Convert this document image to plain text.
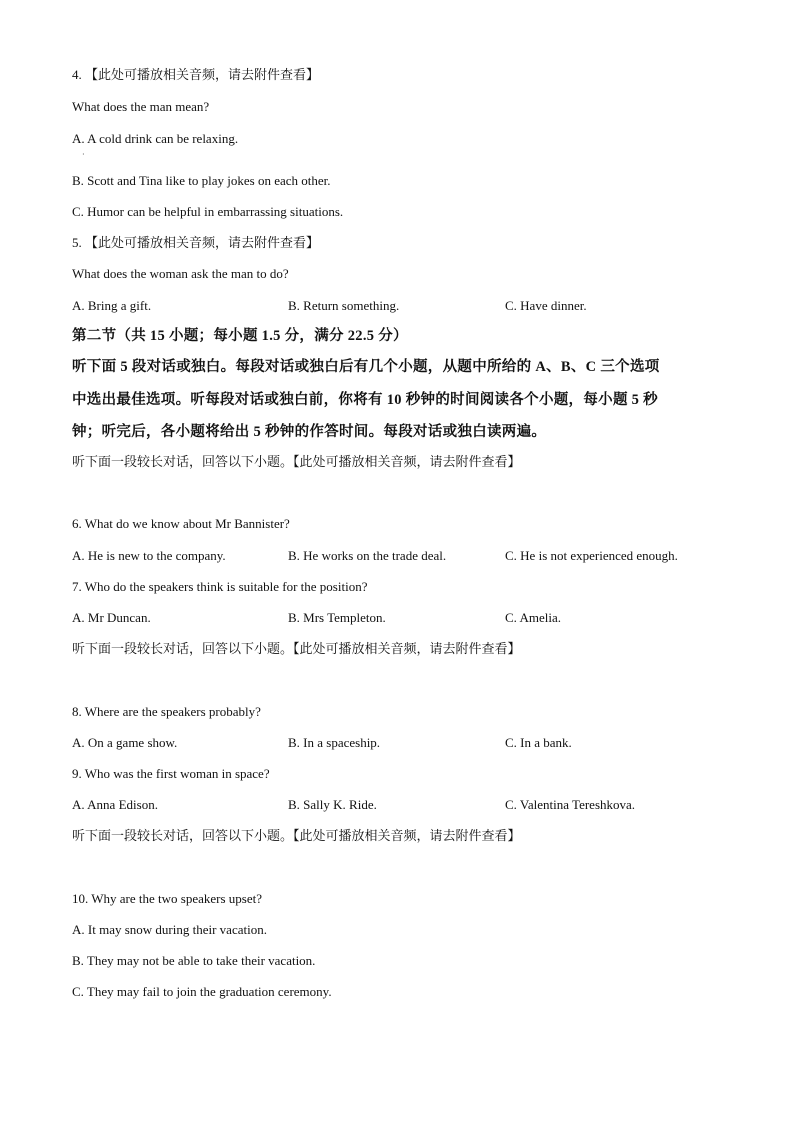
4. 【此处可播放相关音频，请去附件查看】
What does the man mean?
A. A cold drink can be relaxing.
·
B. Scott and Tina like to play jokes on each other.
C. Humor can be helpful in embarrassing situations.
5. 【此处可播放相关音频，请去附件查看】
What does the woman ask the man to do?
A. Bring a gift.	B. Return something.	C. Have dinner.
第二节（共 15 小题；每小题 1.5 分，满分 22.5 分）
听下面 5 段对话或独白。每段对话或独白后有几个小题，从题中所给的 A、B、C 三个选项
中选出最佳选项。听每段对话或独白前，你将有 10 秒钟的时间阅读各个小题，每小题 5 秒
钟；听完后，各小题将给出 5 秒钟的作答时间。每段对话或独白读两遍。
听下面一段较长对话，回答以下小题。【此处可播放相关音频，请去附件查看】
6. What do we know about Mr Bannister?
A. He is new to the company.	B. He works on the trade deal.	C. He is not experienced enough.
7. Who do the speakers think is suitable for the position?
A. Mr Duncan.	B. Mrs Templeton.	C. Amelia.
听下面一段较长对话，回答以下小题。【此处可播放相关音频，请去附件查看】
8. Where are the speakers probably?
A. On a game show.	B. In a spaceship.	C. In a bank.
9. Who was the first woman in space?
A. Anna Edison.	B. Sally K. Ride.	C. Valentina Tereshkova.
听下面一段较长对话，回答以下小题。【此处可播放相关音频，请去附件查看】
10. Why are the two speakers upset?
A. It may snow during their vacation.
B. They may not be able to take their vacation.
C. They may fail to join the graduation ceremony.
